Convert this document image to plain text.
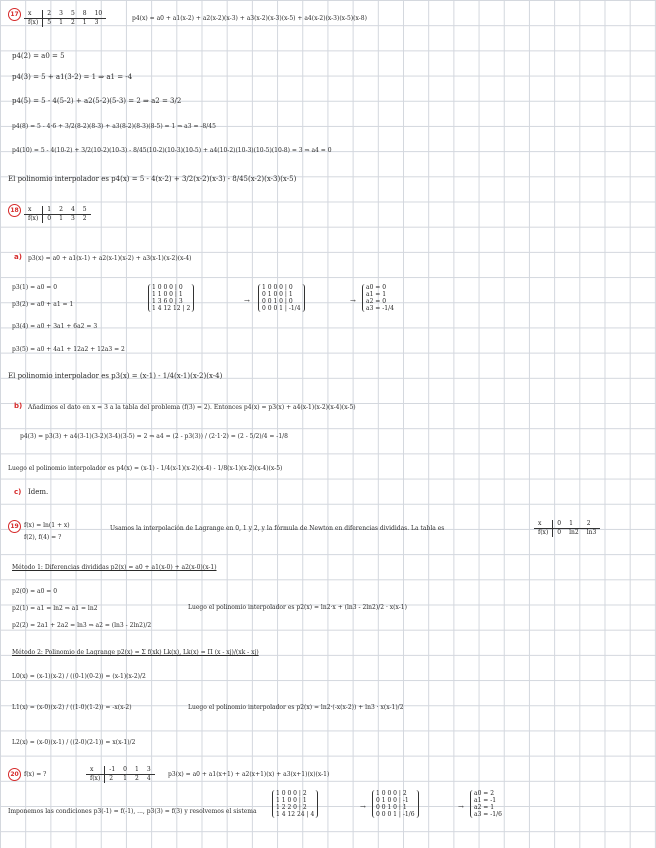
17	x	2	3	5	8	10
f(x)	5	1	2	1	3
p4(x) = a0 + a1(x-2) + a2(x-2)(x-3) + a3(x-2)(x-3)(x-5) + a4(x-2)(x-3)(x-5)(x-8)
p4(2) = a0 = 5
p4(3) = 5 + a1(3-2) = 1 ⇒ a1 = -4
p4(5) = 5 - 4(5-2) + a2(5-2)(5-3) = 2 ⇒ a2 = 3/2
p4(8) = 5 - 4·6 + 3/2(8-2)(8-3) + a3(8-2)(8-3)(8-5) = 1 ⇒ a3 = -8/45
p4(10) = 5 - 4(10-2) + 3/2(10-2)(10-3) - 8/45(10-2)(10-3)(10-5) + a4(10-2)(10-3)(10-5)(10-8) = 3 ⇒ a4 = 0
El polinomio interpolador es p4(x) = 5 - 4(x-2) + 3/2(x-2)(x-3) - 8/45(x-2)(x-3)(x-5)
18	x	1	2	4	5
f(x)	0	1	3	2
a) p3(x) = a0 + a1(x-1) + a2(x-1)(x-2) + a3(x-1)(x-2)(x-4)
p3(1) = a0 = 0
p3(2) = a0 + a1 = 1
p3(4) = a0 + 3a1 + 6a2 = 3
p3(5) = a0 + 4a1 + 12a2 + 12a3 = 2
1 0 0 0 | 0
1 1 0 0 | 1
1 3 6 0 | 3
1 4 12 12 | 2
→
1 0 0 0 | 0
0 1 0 0 | 1
0 0 1 0 | 0
0 0 0 1 | -1/4
→
a0 = 0
a1 = 1
a2 = 0
a3 = -1/4
El polinomio interpolador es p3(x) = (x-1) - 1/4(x-1)(x-2)(x-4)
b) Añadimos el dato en x = 3 a la tabla del problema (f(3) = 2). Entonces p4(x) = p3(x) + a4(x-1)(x-2)(x-4)(x-5)
p4(3) = p3(3) + a4(3-1)(3-2)(3-4)(3-5) = 2 ⇒ a4 = (2 - p3(3)) / (2·1·2) = (2 - 5/2)/4 = -1/8
Luego el polinomio interpolador es p4(x) = (x-1) - 1/4(x-1)(x-2)(x-4) - 1/8(x-1)(x-2)(x-4)(x-5)
c) Idem.
19 f(x) = ln(1 + x)
f(2), f(4) = ?
Usamos la interpolación de Lagrange en 0, 1 y 2, y la fórmula de Newton en diferencias divididas. La tabla es
x	0	1	2
f(x)	0	ln2	ln3
Método 1: Diferencias divididas p2(x) = a0 + a1(x-0) + a2(x-0)(x-1)
p2(0) = a0 = 0
p2(1) = a1 = ln2 ⇒ a1 = ln2
p2(2) = 2a1 + 2a2 = ln3 ⇒ a2 = (ln3 - 2ln2)/2
Luego el polinomio interpolador es p2(x) = ln2·x + (ln3 - 2ln2)/2 · x(x-1)
Método 2: Polinomio de Lagrange p2(x) = Σ f(xk) Lk(x), Lk(x) = Π (x - xj)/(xk - xj)
L0(x) = (x-1)(x-2) / ((0-1)(0-2)) = (x-1)(x-2)/2
L1(x) = (x-0)(x-2) / ((1-0)(1-2)) = -x(x-2)	Luego el polinomio interpolador es p2(x) = ln2·(-x(x-2)) + ln3 · x(x-1)/2
L2(x) = (x-0)(x-1) / ((2-0)(2-1)) = x(x-1)/2
20 f(x) = ?
x	-1	0	1	3
f(x)	2	1	2	4
p3(x) = a0 + a1(x+1) + a2(x+1)(x) + a3(x+1)(x)(x-1)
Imponemos las condiciones p3(-1) = f(-1), ..., p3(3) = f(3) y resolvemos el sistema
1 0 0 0 | 2
1 1 0 0 | 1
1 2 2 0 | 2
1 4 12 24 | 4
→
1 0 0 0 | 2
0 1 0 0 | -1
0 0 1 0 | 1
0 0 0 1 | -1/6
→
a0 = 2
a1 = -1
a2 = 1
a3 = -1/6
